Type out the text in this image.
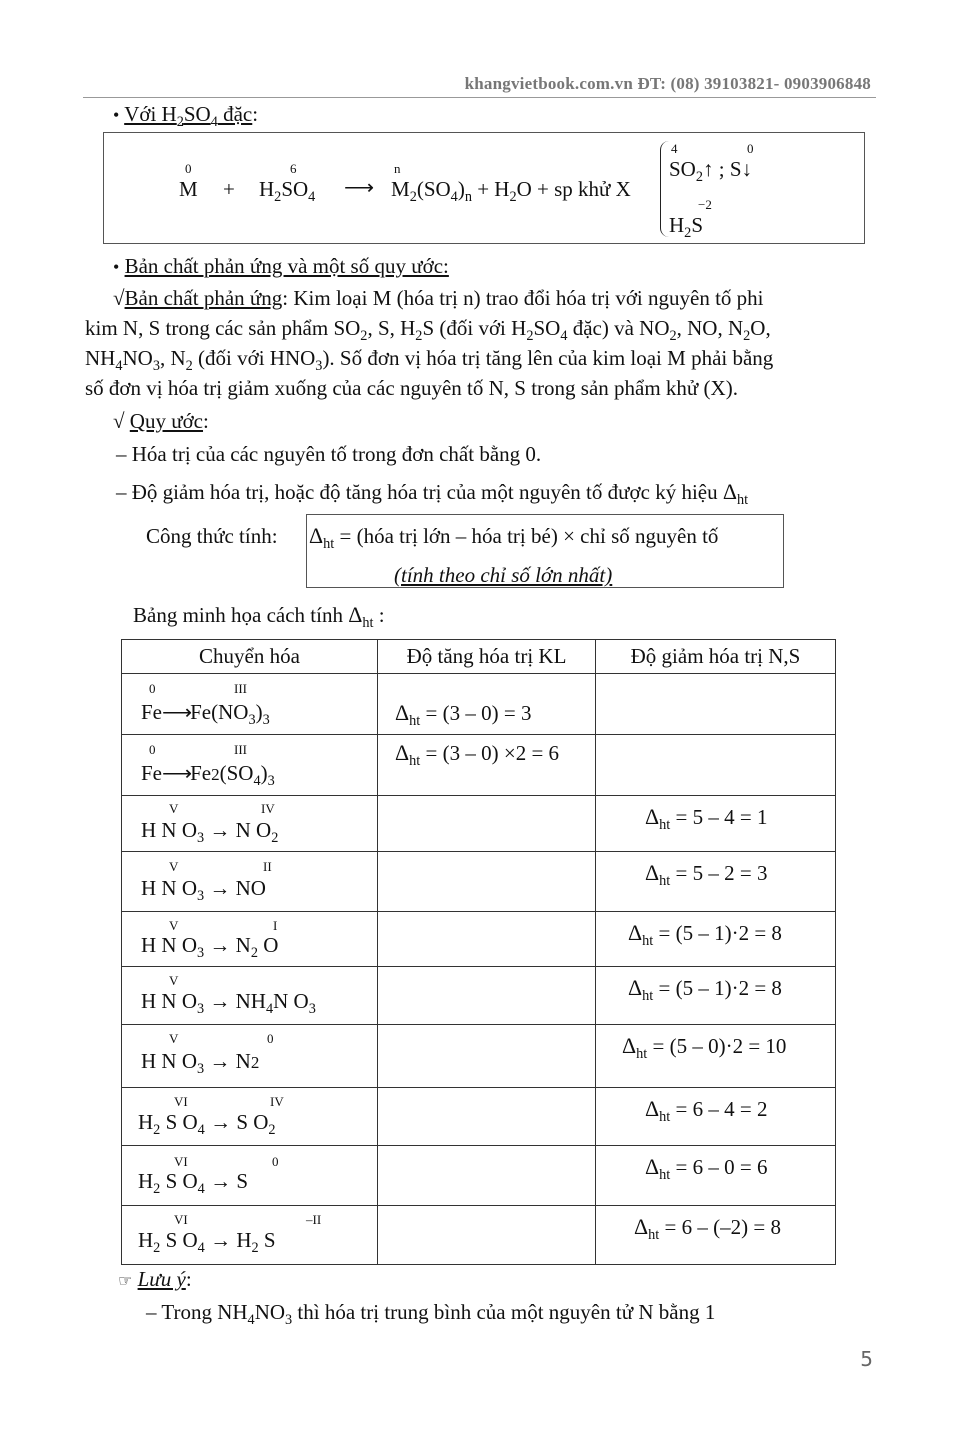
khangvietbook.com.vn ĐT: (08) 39103821- 0903906848
• Với $H_2SO_4$ đặc:
0
M +
6
$H_2SO_4$ ⟶
n
$M_2(SO_4)_n + H_2O$ + sp khử X
4	0
$SO_2↑$ ; S↓
−2
$H_2S$
• Bản chất phản ứng và một số quy ước:
√Bản chất phản ứng: Kim loại M (hóa trị n) trao đổi hóa trị với nguyên tố phi
kim N, S trong các sản phẩm $SO_2$, S, $H_2S$ (đối với $H_2SO_4$ đặc) và $NO_2$, NO, $N_2O$,
$NH_4NO_3$, $N_2$ (đối với $HNO_3$). Số đơn vị hóa trị tăng lên của kim loại M phải bằng
số đơn vị hóa trị giảm xuống của các nguyên tố N, S trong sản phẩm khử (X).
√ Quy ước:
– Hóa trị của các nguyên tố trong đơn chất bằng 0.
– Độ giảm hóa trị, hoặc độ tăng hóa trị của một nguyên tố được ký hiệu $\Delta_{ht}$
Công thức tính: $\Delta_{ht}$ = (hóa trị lớn – hóa trị bé) × chỉ số nguyên tố
(tính theo chỉ số lớn nhất)
Bảng minh họa cách tính $\Delta_{ht}$ :
Chuyển hóa	Độ tăng hóa trị KL	Độ giảm hóa trị N,S

0 III
$Fe⟶Fe(NO_3)_3$	$\Delta_{ht} = (3 - 0) = 3$	

0 III
$Fe⟶Fe2(SO_4)_3$	$\Delta_{ht} = (3 - 0) \times 2 = 6$	

V IV
H N $O_3 \to N$ $O_2$		$\Delta_{ht} = 5 - 4 = 1$

V II
H N $O_3$ → NO		$\Delta_{ht} = 5 - 2 = 3$

V I
H N $O_3 \to N_2$ O		$\Delta_{ht} = (5 - 1)\cdot 2 = 8$

V
H N $O_3 \to NH_4N$ $O_3$		$\Delta_{ht} = (5 - 1)\cdot 2 = 8$

V 0
H N $O_3 \to N2$		$\Delta_{ht} = (5 - 0)\cdot 2 = 10$

VI IV
$H_2$ S $O_4 \to S$ $O_2$		$\Delta_{ht} = 6 - 4 = 2$

VI 0
$H_2$ S $O_4 \to S$		$\Delta_{ht} = 6 - 0 = 6$

VI –II
$H_2$ S $O_4 \to H_2$ S		$\Delta_{ht} = 6 - (-2) = 8$
☞ Lưu ý:
– Trong $NH_4NO_3$ thì hóa trị trung bình của một nguyên tử N bằng 1
5
